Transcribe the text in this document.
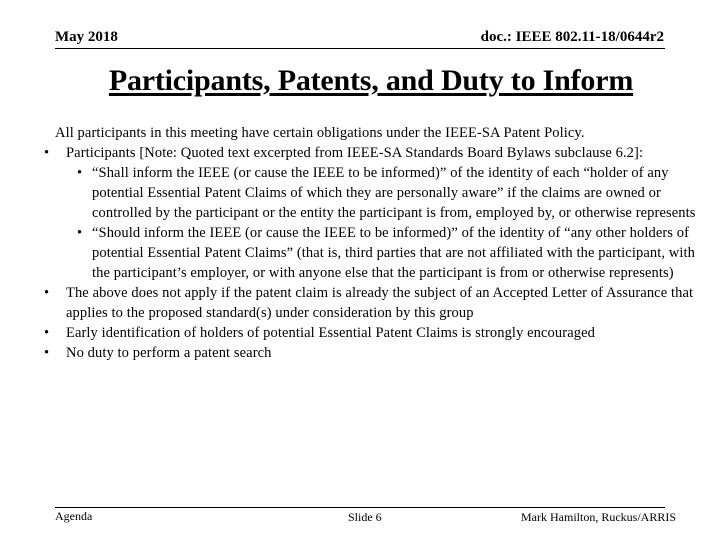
May 2018	doc.: IEEE 802.11-18/0644r2
Participants, Patents, and Duty to Inform
All participants in this meeting have certain obligations under the IEEE-SA Patent Policy.
• Participants [Note: Quoted text excerpted from IEEE-SA Standards Board Bylaws subclause 6.2]:
• “Shall inform the IEEE (or cause the IEEE to be informed)” of the identity of each “holder of any potential Essential Patent Claims of which they are personally aware” if the claims are owned or controlled by the participant or the entity the participant is from, employed by, or otherwise represents
• “Should inform the IEEE (or cause the IEEE to be informed)” of the identity of “any other holders of potential Essential Patent Claims” (that is, third parties that are not affiliated with the participant, with the participant’s employer, or with anyone else that the participant is from or otherwise represents)
• The above does not apply if the patent claim is already the subject of an Accepted Letter of Assurance that applies to the proposed standard(s) under consideration by this group
• Early identification of holders of potential Essential Patent Claims is strongly encouraged
• No duty to perform a patent search
Agenda	Slide 6	Mark Hamilton, Ruckus/ARRIS
